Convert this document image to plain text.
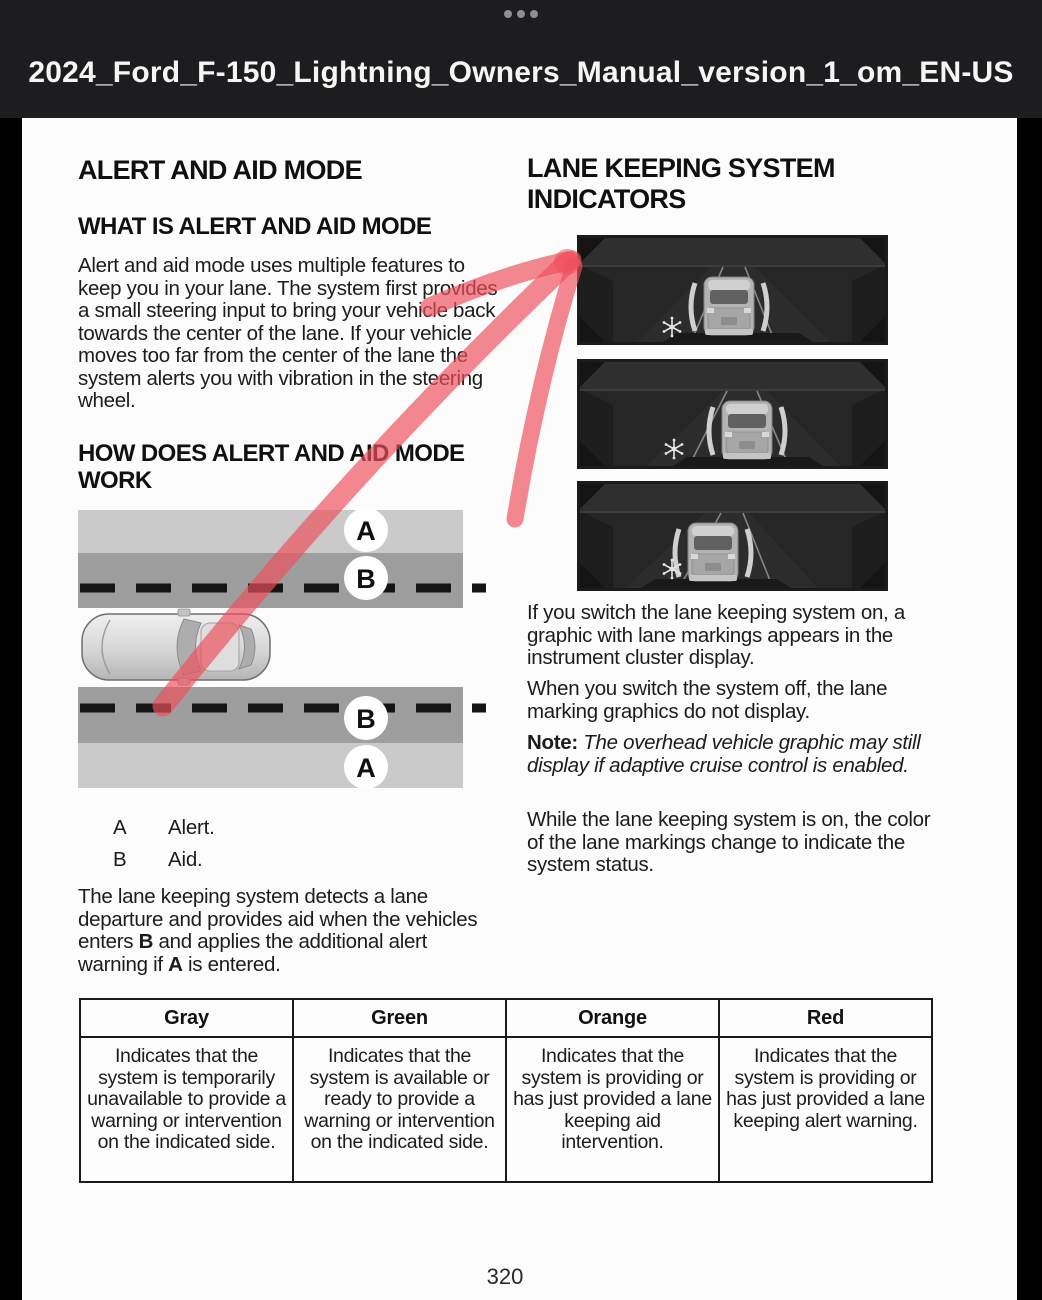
2024_Ford_F-150_Lightning_Owners_Manual_version_1_om_EN-US
ALERT AND AID MODE
WHAT IS ALERT AND AID MODE
Alert and aid mode uses multiple features to keep you in your lane. The system first provides a small steering input to bring your vehicle back towards the center of the lane. If your vehicle moves too far from the center of the lane the system alerts you with vibration in the steering wheel.
HOW DOES ALERT AND AID MODE WORK
A
B
B
A
A	Alert.
B	Aid.
The lane keeping system detects a lane departure and provides aid when the vehicles enters B and applies the additional alert warning if A is entered.
LANE KEEPING SYSTEM INDICATORS
If you switch the lane keeping system on, a graphic with lane markings appears in the instrument cluster display.
When you switch the system off, the lane marking graphics do not display.
Note: The overhead vehicle graphic may still display if adaptive cruise control is enabled.
While the lane keeping system is on, the color of the lane markings change to indicate the system status.
Gray	Green	Orange	Red

Indicates that the system is temporarily unavailable to provide a warning or intervention on the indicated side.	Indicates that the system is available or ready to provide a warning or intervention on the indicated side.	Indicates that the system is providing or has just provided a lane keeping aid intervention.	Indicates that the system is providing or has just provided a lane keeping alert warning.
320
